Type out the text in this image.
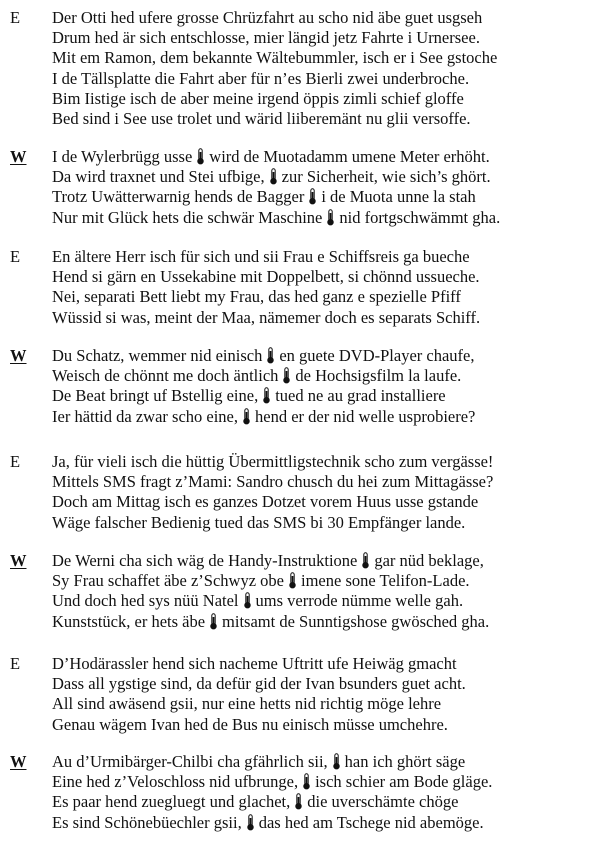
E Der Otti hed ufere grosse Chrüzfahrt au scho nid äbe guet usgseh
Drum hed är sich entschlosse, mier längid jetz Fahrte i Urnersee.
Mit em Ramon, dem bekannte Wältebummler, isch er i See gstoche
I de Tällsplatte die Fahrt aber für n’es Bierli zwei underbroche.
Bim Iistige isch de aber meine irgend öppis zimli schief gloffe
Bed sind i See use trolet und wärid liiberemänt nu glii versoffe.
W I de Wylerbrügg usse wird de Muotadamm umene Meter erhöht.
Da wird traxnet und Stei ufbige, zur Sicherheit, wie sich’s ghört.
Trotz Uwätterwarnig hends de Bagger i de Muota unne la stah
Nur mit Glück hets die schwär Maschine nid fortgschwämmt gha.
E En ältere Herr isch für sich und sii Frau e Schiffsreis ga bueche
Hend si gärn en Ussekabine mit Doppelbett, si chönnd ussueche.
Nei, separati Bett liebt my Frau, das hed ganz e spezielle Pfiff
Wüssid si was, meint der Maa, nämemer doch es separats Schiff.
W Du Schatz, wemmer nid einisch en guete DVD-Player chaufe,
Weisch de chönnt me doch äntlich de Hochsigsfilm la laufe.
De Beat bringt uf Bstellig eine, tued ne au grad installiere
Ier hättid da zwar scho eine, hend er der nid welle usprobiere?
E Ja, für vieli isch die hüttig Übermittligstechnik scho zum vergässe!
Mittels SMS fragt z’Mami: Sandro chusch du hei zum Mittagässe?
Doch am Mittag isch es ganzes Dotzet vorem Huus usse gstande
Wäge falscher Bedienig tued das SMS bi 30 Empfänger lande.
W De Werni cha sich wäg de Handy-Instruktione gar nüd beklage,
Sy Frau schaffet äbe z’Schwyz obe imene sone Telifon-Lade.
Und doch hed sys nüü Natel ums verrode nümme welle gah.
Kunststück, er hets äbe mitsamt de Sunntigshose gwösched gha.
E D’Hodärassler hend sich nacheme Uftritt ufe Heiwäg gmacht
Dass all ygstige sind, da defür gid der Ivan bsunders guet acht.
All sind awäsend gsii, nur eine hetts nid richtig möge lehre
Genau wägem Ivan hed de Bus nu einisch müsse umchehre.
W Au d’Urmibärger-Chilbi cha gfährlich sii, han ich ghört säge
Eine hed z’Veloschloss nid ufbrunge, isch schier am Bode gläge.
Es paar hend zuegluegt und glachet, die uverschämte chöge
Es sind Schönebüechler gsii, das hed am Tschege nid abemöge.
